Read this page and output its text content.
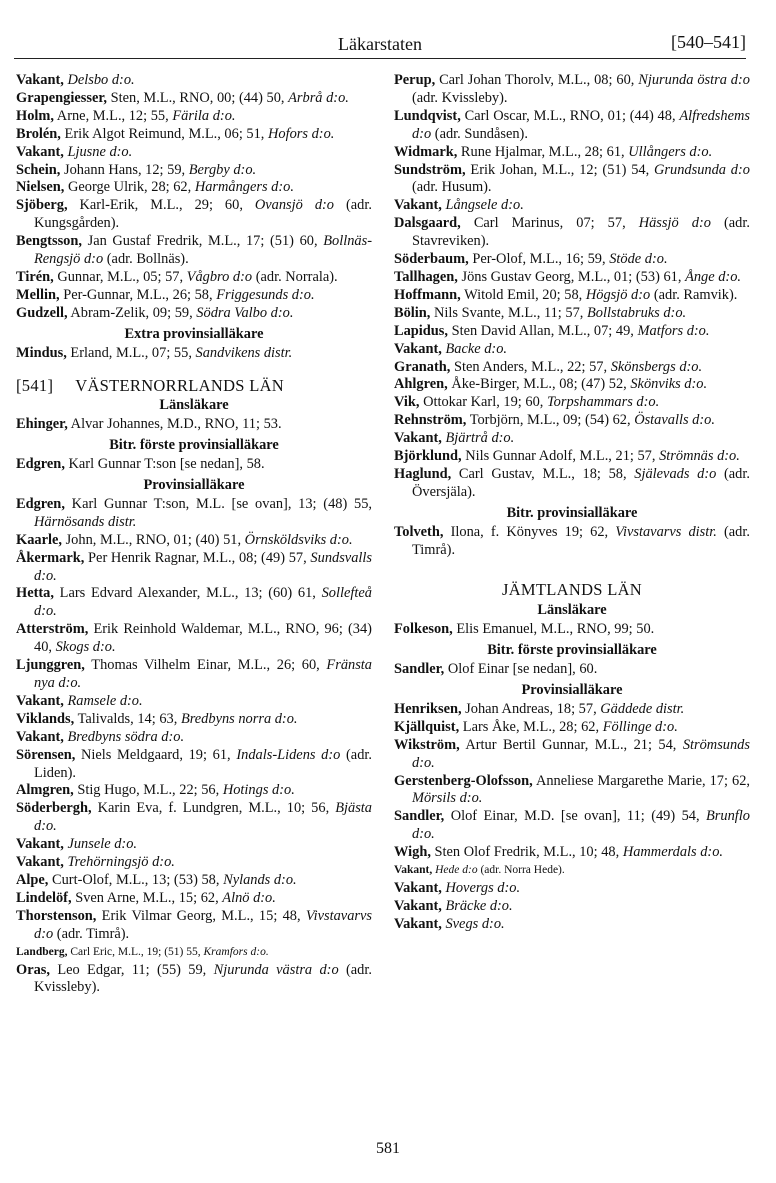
Läkarstaten	[540–541]

Vakant, Delsbo d:o.

Grapengiesser, Sten, M.L., RNO, 00; (44) 50, Arbrå d:o.

Holm, Arne, M.L., 12; 55, Färila d:o.

Brolén, Erik Algot Reimund, M.L., 06; 51, Hofors d:o.

Vakant, Ljusne d:o.

Schein, Johann Hans, 12; 59, Bergby d:o.

Nielsen, George Ulrik, 28; 62, Harmångers d:o.

Sjöberg, Karl-Erik, M.L., 29; 60, Ovansjö d:o (adr. Kungsgården).

Bengtsson, Jan Gustaf Fredrik, M.L., 17; (51) 60, Bollnäs-Rengsjö d:o (adr. Bollnäs).

Tirén, Gunnar, M.L., 05; 57, Vågbro d:o (adr. Norrala).

Mellin, Per-Gunnar, M.L., 26; 58, Friggesunds d:o.

Gudzell, Abram-Zelik, 09; 59, Södra Valbo d:o.

Extra provinsialläkare

Mindus, Erland, M.L., 07; 55, Sandvikens distr.

[541] VÄSTERNORRLANDS LÄN
Länsläkare

Ehinger, Alvar Johannes, M.D., RNO, 11; 53.

Bitr. förste provinsialläkare

Edgren, Karl Gunnar T:son [se nedan], 58.

Provinsialläkare

Edgren, Karl Gunnar T:son, M.L. [se ovan], 13; (48) 55, Härnösands distr.

Kaarle, John, M.L., RNO, 01; (40) 51, Örnsköldsviks d:o.

Åkermark, Per Henrik Ragnar, M.L., 08; (49) 57, Sundsvalls d:o.

Hetta, Lars Edvard Alexander, M.L., 13; (60) 61, Sollefteå d:o.

Atterström, Erik Reinhold Waldemar, M.L., RNO, 96; (34) 40, Skogs d:o.

Ljunggren, Thomas Vilhelm Einar, M.L., 26; 60, Fränsta nya d:o.

Vakant, Ramsele d:o.

Viklands, Talivalds, 14; 63, Bredbyns norra d:o.

Vakant, Bredbyns södra d:o.

Sörensen, Niels Meldgaard, 19; 61, Indals-Lidens d:o (adr. Liden).

Almgren, Stig Hugo, M.L., 22; 56, Hotings d:o.

Söderbergh, Karin Eva, f. Lundgren, M.L., 10; 56, Bjästa d:o.

Vakant, Junsele d:o.

Vakant, Trehörningsjö d:o.

Alpe, Curt-Olof, M.L., 13; (53) 58, Nylands d:o.

Lindelöf, Sven Arne, M.L., 15; 62, Alnö d:o.

Thorstenson, Erik Vilmar Georg, M.L., 15; 48, Vivstavarvs d:o (adr. Timrå).

Landberg, Carl Eric, M.L., 19; (51) 55, Kramfors d:o.

Oras, Leo Edgar, 11; (55) 59, Njurunda västra d:o (adr. Kvissleby).

Perup, Carl Johan Thorolv, M.L., 08; 60, Njurunda östra d:o (adr. Kvissleby).

Lundqvist, Carl Oscar, M.L., RNO, 01; (44) 48, Alfredshems d:o (adr. Sundåsen).

Widmark, Rune Hjalmar, M.L., 28; 61, Ullångers d:o.

Sundström, Erik Johan, M.L., 12; (51) 54, Grundsunda d:o (adr. Husum).

Vakant, Långsele d:o.

Dalsgaard, Carl Marinus, 07; 57, Hässjö d:o (adr. Stavreviken).

Söderbaum, Per-Olof, M.L., 16; 59, Stöde d:o.

Tallhagen, Jöns Gustav Georg, M.L., 01; (53) 61, Ånge d:o.

Hoffmann, Witold Emil, 20; 58, Högsjö d:o (adr. Ramvik).

Bölin, Nils Svante, M.L., 11; 57, Bollstabruks d:o.

Lapidus, Sten David Allan, M.L., 07; 49, Matfors d:o.

Vakant, Backe d:o.

Granath, Sten Anders, M.L., 22; 57, Skönsbergs d:o.

Ahlgren, Åke-Birger, M.L., 08; (47) 52, Skönviks d:o.

Vik, Ottokar Karl, 19; 60, Torpshammars d:o.

Rehnström, Torbjörn, M.L., 09; (54) 62, Östavalls d:o.

Vakant, Bjärtrå d:o.

Björklund, Nils Gunnar Adolf, M.L., 21; 57, Strömnäs d:o.

Haglund, Carl Gustav, M.L., 18; 58, Själevads d:o (adr. Översjäla).

Bitr. provinsialläkare

Tolveth, Ilona, f. Könyves 19; 62, Vivstavarvs distr. (adr. Timrå).

JÄMTLANDS LÄN
Länsläkare

Folkeson, Elis Emanuel, M.L., RNO, 99; 50.

Bitr. förste provinsialläkare

Sandler, Olof Einar [se nedan], 60.

Provinsialläkare

Henriksen, Johan Andreas, 18; 57, Gäddede distr.

Kjällquist, Lars Åke, M.L., 28; 62, Föllinge d:o.

Wikström, Artur Bertil Gunnar, M.L., 21; 54, Strömsunds d:o.

Gerstenberg-Olofsson, Anneliese Margarethe Marie, 17; 62, Mörsils d:o.

Sandler, Olof Einar, M.D. [se ovan], 11; (49) 54, Brunflo d:o.

Wigh, Sten Olof Fredrik, M.L., 10; 48, Hammerdals d:o.

Vakant, Hede d:o (adr. Norra Hede).

Vakant, Hovergs d:o.

Vakant, Bräcke d:o.

Vakant, Svegs d:o.

581
